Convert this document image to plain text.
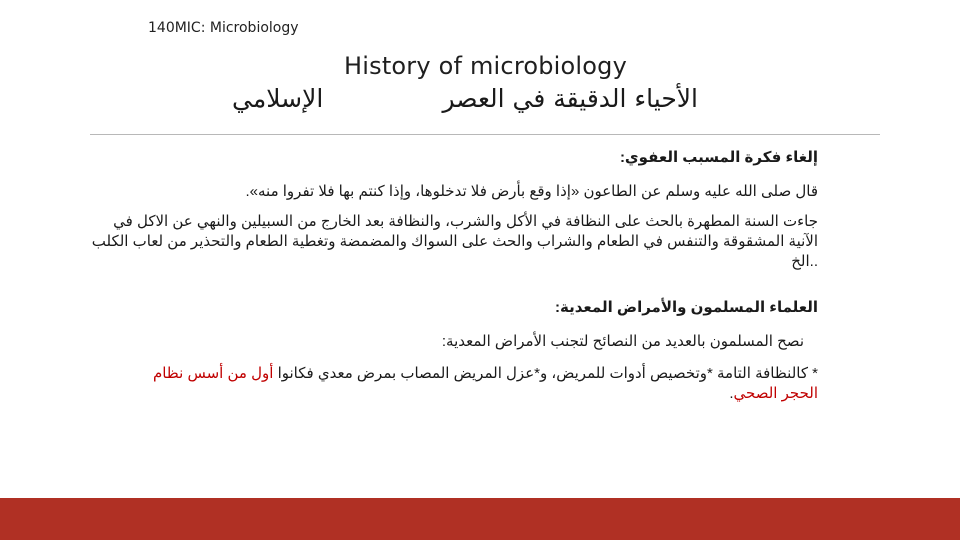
140MIC: Microbiology
History of microbiology
الأحياء الدقيقة في العصر
الإسلامي

إلغاء فكرة المسبب العفوي:

قال صلى الله عليه وسلم عن الطاعون «إذا وقع بأرض فلا تدخلوها، وإذا كنتم بها فلا تفروا منه».

جاءت السنة المطهرة بالحث على النظافة في الأكل والشرب، والنظافة بعد الخارج من السبيلين والنهي عن الاكل في
الآنية المشقوقة والتنفس في الطعام والشراب والحث على السواك والمضمضة وتغطية الطعام والتحذير من لعاب الكلب
..الخ

العلماء المسلمون والأمراض المعدية:

نصح المسلمون بالعديد من النصائح لتجنب الأمراض المعدية:

* كالنظافة التامة *وتخصيص أدوات للمريض، و*عزل المريض المصاب بمرض معدي فكانوا أول من أسس نظام
الحجر الصحي.
